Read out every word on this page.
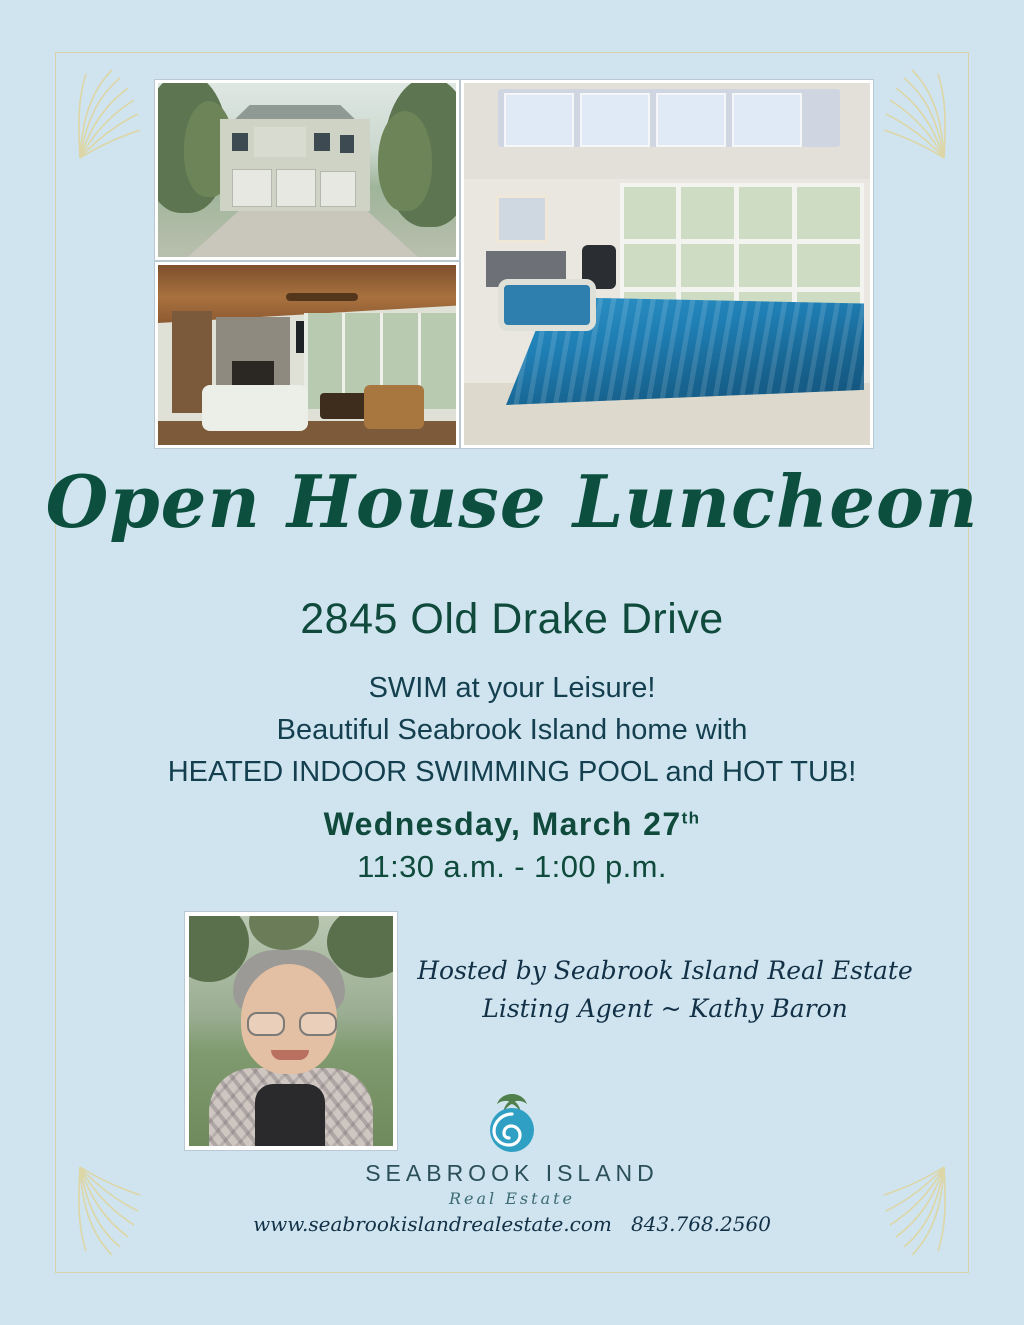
Open House Luncheon
2845 Old Drake Drive
SWIM at your Leisure!
Beautiful Seabrook Island home with
HEATED INDOOR SWIMMING POOL and HOT TUB!
Wednesday, March 27th
11:30 a.m. - 1:00 p.m.
Hosted by Seabrook Island Real Estate
Listing Agent ~ Kathy Baron
SEABROOK ISLAND
Real Estate
www.seabrookislandrealestate.com 843.768.2560
